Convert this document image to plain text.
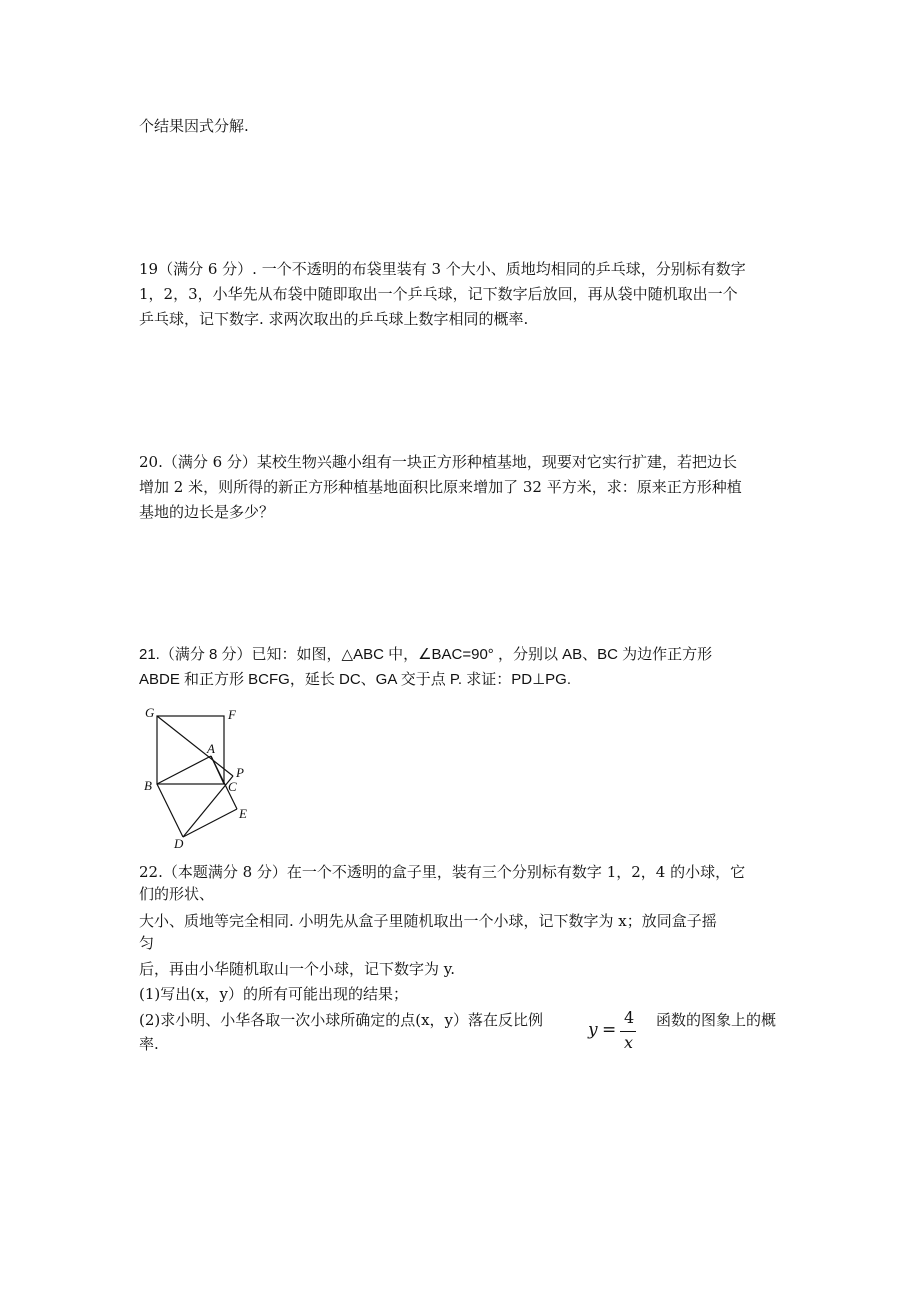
个结果因式分解.
19（满分 6 分）. 一个不透明的布袋里装有 3 个大小、质地均相同的乒乓球，分别标有数字
1，2，3，小华先从布袋中随即取出一个乒乓球，记下数字后放回，再从袋中随机取出一个
乒乓球，记下数字. 求两次取出的乒乓球上数字相同的概率.
20.（满分 6 分）某校生物兴趣小组有一块正方形种植基地，现要对它实行扩建，若把边长
增加 2 米，则所得的新正方形种植基地面积比原来增加了 32 平方米，求：原来正方形种植
基地的边长是多少？
21.（满分 8 分）已知：如图，△ABC 中，∠BAC=90° ，分别以 AB、BC 为边作正方形
ABDE 和正方形 BCFG，延长 DC、GA 交于点 P. 求证：PD⊥PG.
G	F
A
P
B	C
E
D
22.（本题满分 8 分）在一个不透明的盒子里，装有三个分别标有数字 1，2，4 的小球，它
们的形状、
大小、质地等完全相同. 小明先从盒子里随机取出一个小球，记下数字为 x；放同盒子摇
匀
后，再由小华随机取山一个小球，记下数字为 y.
(1)写出(x，y）的所有可能出现的结果；
(2)求小明、小华各取一次小球所确定的点(x，y）落在反比例	函数的图象上的概
率.
y =
4
x
